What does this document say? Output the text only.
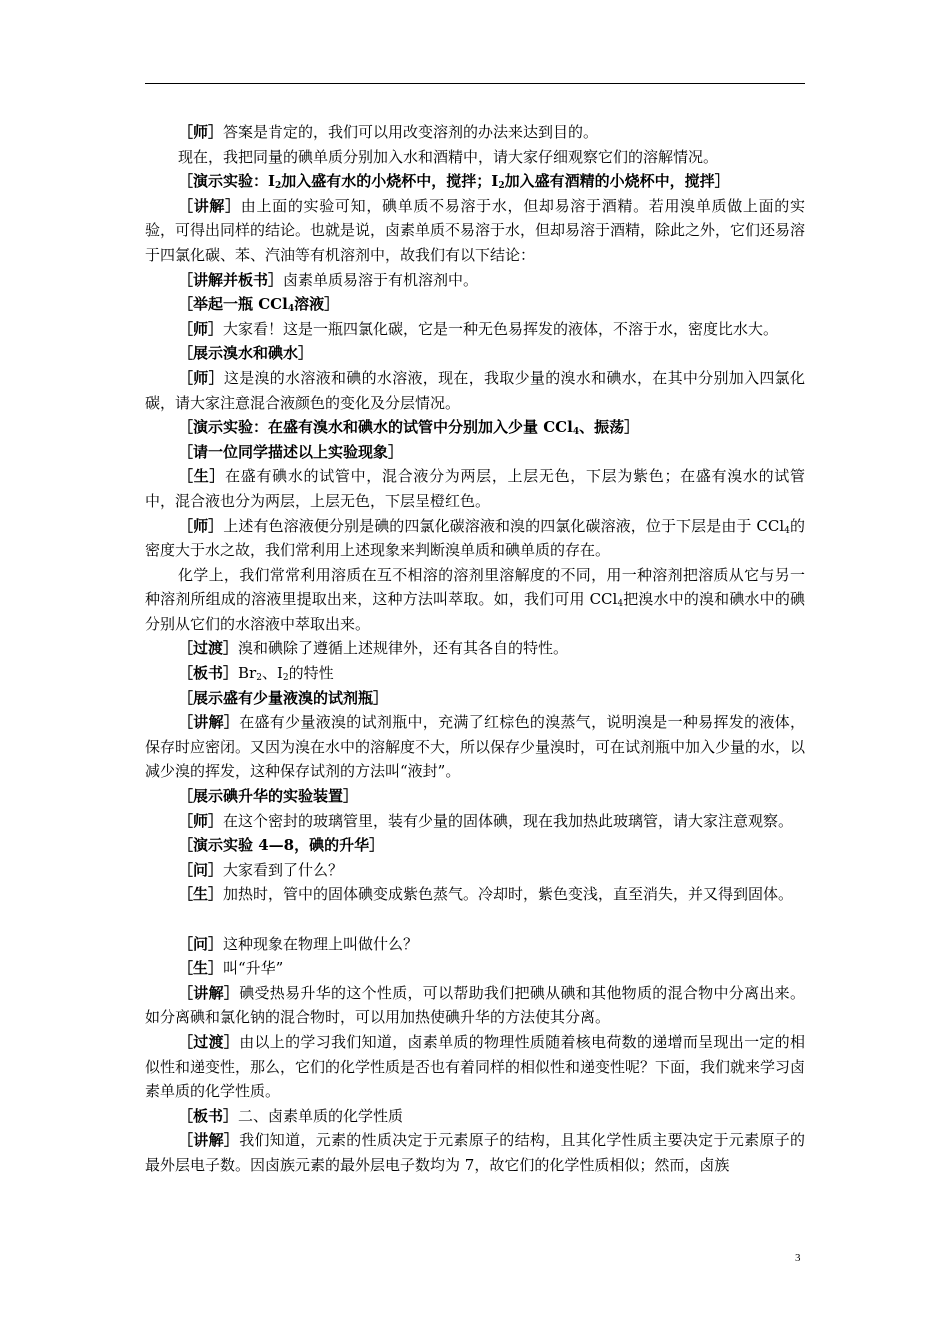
［师］答案是肯定的，我们可以用改变溶剂的办法来达到目的。

现在，我把同量的碘单质分别加入水和酒精中，请大家仔细观察它们的溶解情况。

［演示实验：$I_2$加入盛有水的小烧杯中，搅拌；$I_2$加入盛有酒精的小烧杯中，搅拌］

［讲解］由上面的实验可知，碘单质不易溶于水，但却易溶于酒精。若用溴单质做上面的实验，可得出同样的结论。也就是说，卤素单质不易溶于水，但却易溶于酒精，除此之外，它们还易溶于四氯化碳、苯、汽油等有机溶剂中，故我们有以下结论：

［讲解并板书］卤素单质易溶于有机溶剂中。

［举起一瓶 CCl$_4$溶液］

［师］大家看！这是一瓶四氯化碳，它是一种无色易挥发的液体，不溶于水，密度比水大。

［展示溴水和碘水］

［师］这是溴的水溶液和碘的水溶液，现在，我取少量的溴水和碘水，在其中分别加入四氯化碳，请大家注意混合液颜色的变化及分层情况。

［演示实验：在盛有溴水和碘水的试管中分别加入少量 CCl$_4$、振荡］

［请一位同学描述以上实验现象］

［生］在盛有碘水的试管中，混合液分为两层，上层无色，下层为紫色；在盛有溴水的试管中，混合液也分为两层，上层无色，下层呈橙红色。

［师］上述有色溶液便分别是碘的四氯化碳溶液和溴的四氯化碳溶液，位于下层是由于 CCl$_4$的密度大于水之故，我们常利用上述现象来判断溴单质和碘单质的存在。

化学上，我们常常利用溶质在互不相溶的溶剂里溶解度的不同，用一种溶剂把溶质从它与另一种溶剂所组成的溶液里提取出来，这种方法叫萃取。如，我们可用 CCl$_4$把溴水中的溴和碘水中的碘分别从它们的水溶液中萃取出来。

［过渡］溴和碘除了遵循上述规律外，还有其各自的特性。

［板书$]Br_2$、$I_2$的特性

［展示盛有少量液溴的试剂瓶］

［讲解］在盛有少量液溴的试剂瓶中，充满了红棕色的溴蒸气，说明溴是一种易挥发的液体，保存时应密闭。又因为溴在水中的溶解度不大，所以保存少量溴时，可在试剂瓶中加入少量的水，以减少溴的挥发，这种保存试剂的方法叫“液封”。

［展示碘升华的实验装置］

［师］在这个密封的玻璃管里，装有少量的固体碘，现在我加热此玻璃管，请大家注意观察。

［演示实验 4—8，碘的升华］

［问］大家看到了什么？

［生］加热时，管中的固体碘变成紫色蒸气。冷却时，紫色变浅，直至消失，并又得到固体。

［问］这种现象在物理上叫做什么？

［生］叫“升华”

［讲解］碘受热易升华的这个性质，可以帮助我们把碘从碘和其他物质的混合物中分离出来。如分离碘和氯化钠的混合物时，可以用加热使碘升华的方法使其分离。

［过渡］由以上的学习我们知道，卤素单质的物理性质随着核电荷数的递增而呈现出一定的相似性和递变性，那么，它们的化学性质是否也有着同样的相似性和递变性呢？下面，我们就来学习卤素单质的化学性质。

［板书］二、卤素单质的化学性质

［讲解］我们知道，元素的性质决定于元素原子的结构，且其化学性质主要决定于元素原子的最外层电子数。因卤族元素的最外层电子数均为 7，故它们的化学性质相似；然而，卤族

3
